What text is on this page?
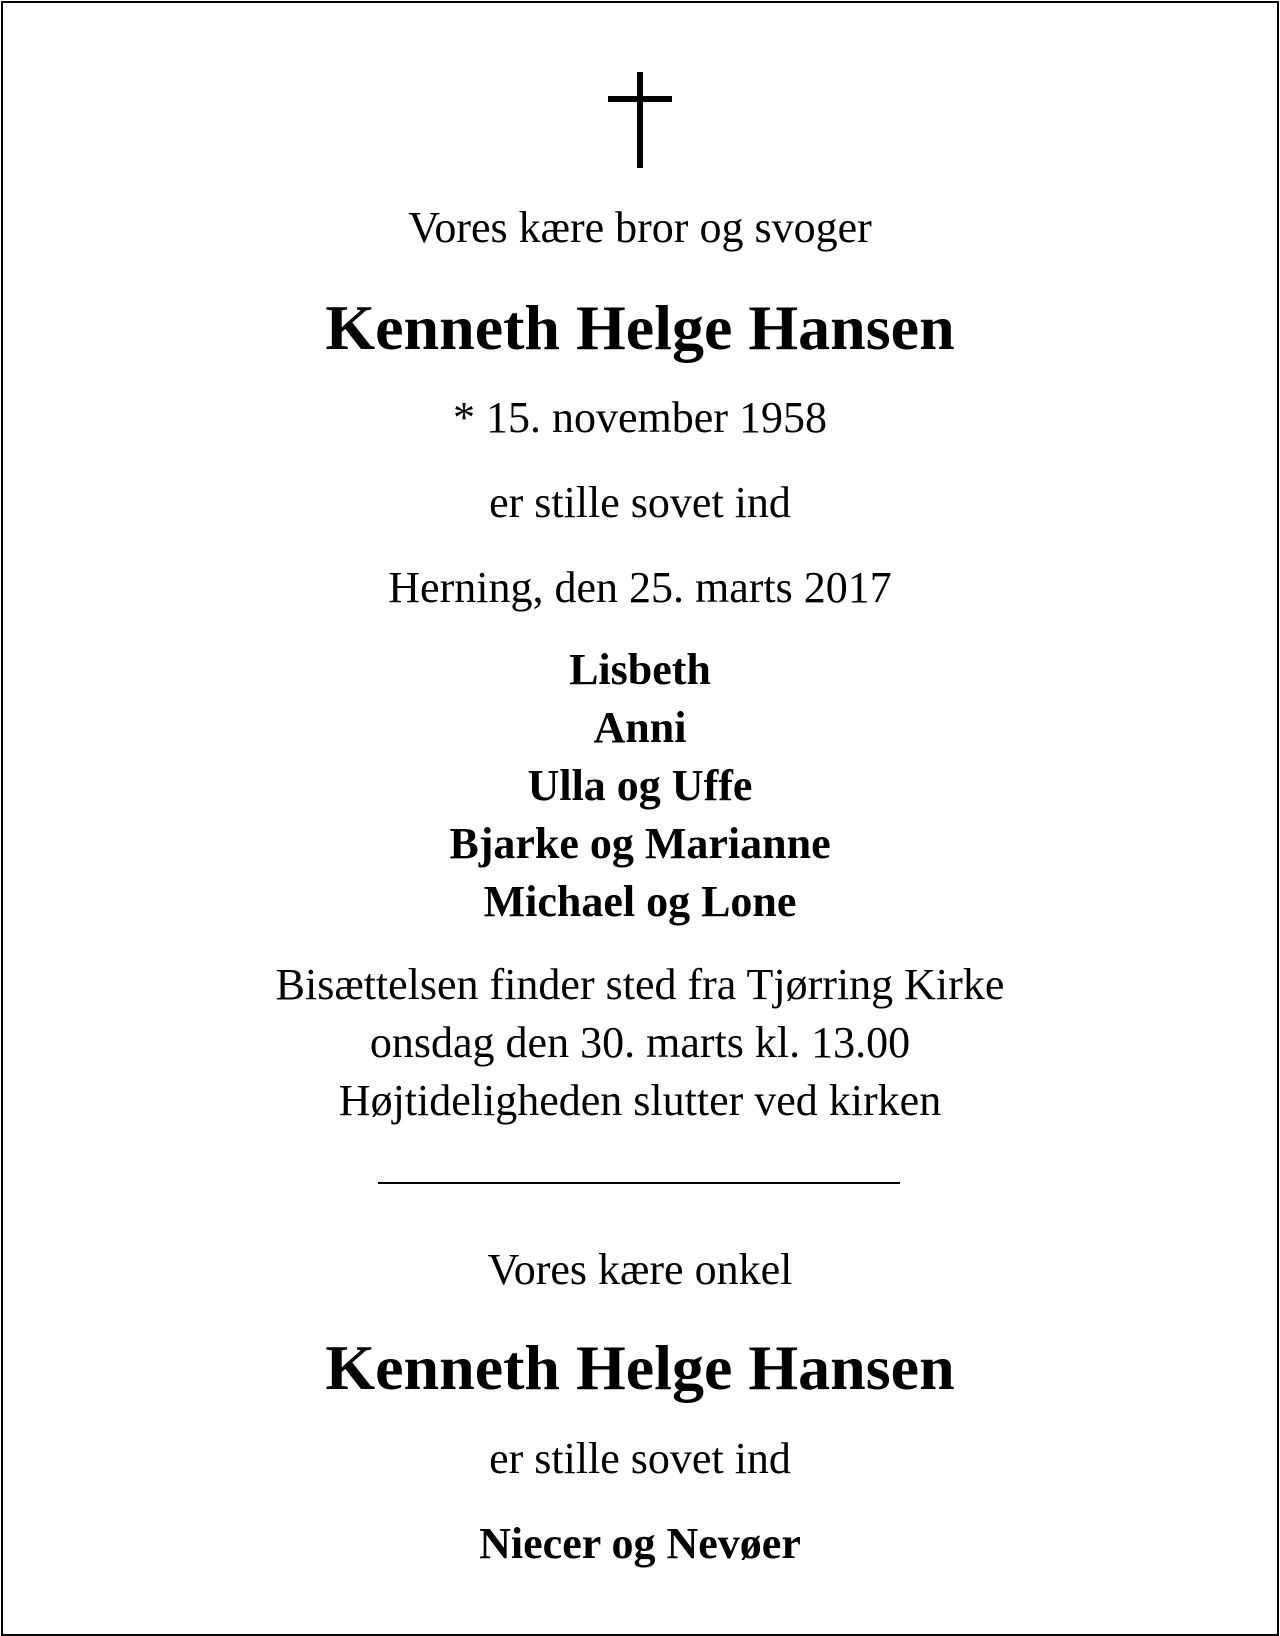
Vores kære bror og svoger
Kenneth Helge Hansen
* 15. november 1958
er stille sovet ind
Herning, den 25. marts 2017
Lisbeth
Anni
Ulla og Uffe
Bjarke og Marianne
Michael og Lone
Bisættelsen finder sted fra Tjørring Kirke
onsdag den 30. marts kl. 13.00
Højtideligheden slutter ved kirken
Vores kære onkel
Kenneth Helge Hansen
er stille sovet ind
Niecer og Nevøer
